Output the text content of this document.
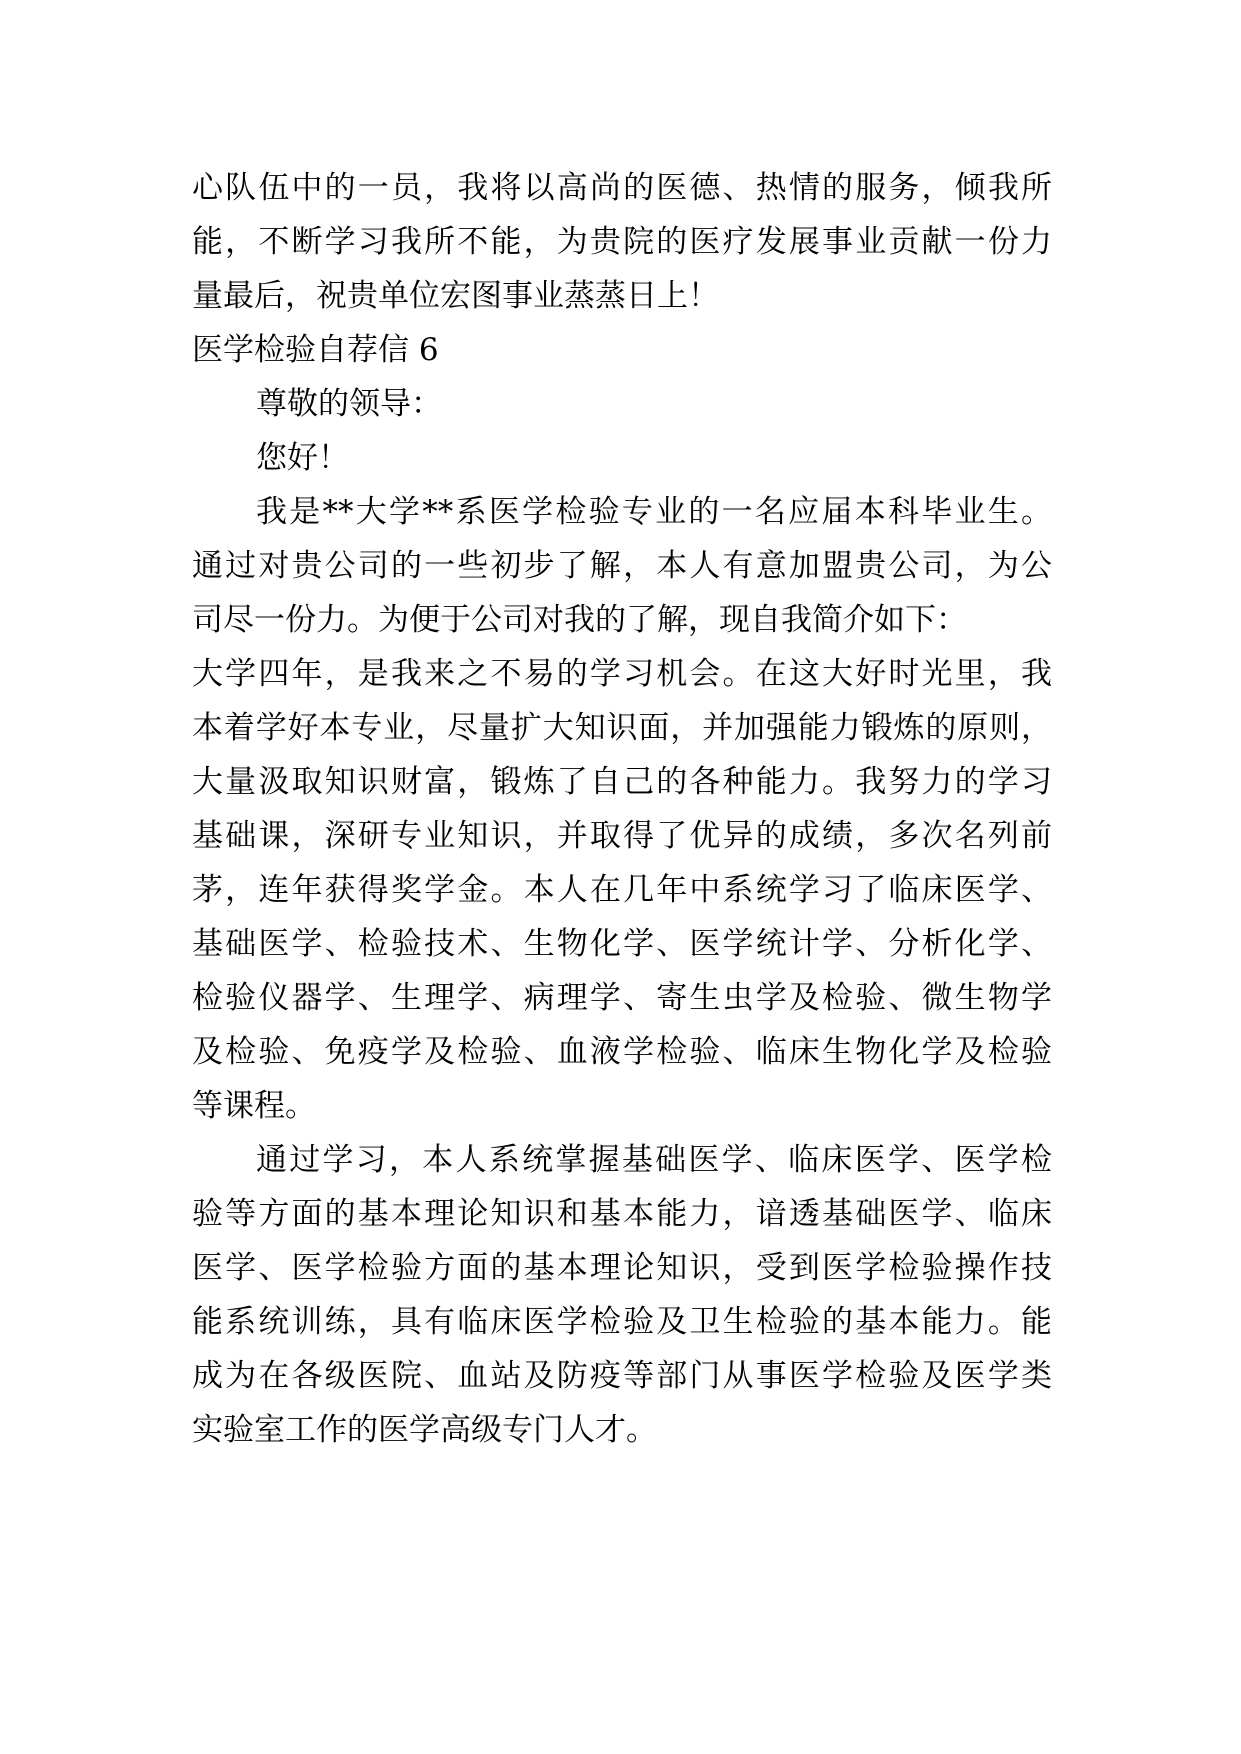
心队伍中的一员，我将以高尚的医德、热情的服务，倾我所

能，不断学习我所不能，为贵院的医疗发展事业贡献一份力

量最后，祝贵单位宏图事业蒸蒸日上！

医学检验自荐信 6

尊敬的领导：

您好！

我是**大学**系医学检验专业的一名应届本科毕业生。

通过对贵公司的一些初步了解，本人有意加盟贵公司，为公

司尽一份力。为便于公司对我的了解，现自我简介如下：

大学四年，是我来之不易的学习机会。在这大好时光里，我

本着学好本专业，尽量扩大知识面，并加强能力锻炼的原则，

大量汲取知识财富，锻炼了自己的各种能力。我努力的学习

基础课，深研专业知识，并取得了优异的成绩，多次名列前

茅，连年获得奖学金。本人在几年中系统学习了临床医学、

基础医学、检验技术、生物化学、医学统计学、分析化学、

检验仪器学、生理学、病理学、寄生虫学及检验、微生物学

及检验、免疫学及检验、血液学检验、临床生物化学及检验

等课程。

通过学习，本人系统掌握基础医学、临床医学、医学检

验等方面的基本理论知识和基本能力，谙透基础医学、临床

医学、医学检验方面的基本理论知识，受到医学检验操作技

能系统训练，具有临床医学检验及卫生检验的基本能力。能

成为在各级医院、血站及防疫等部门从事医学检验及医学类

实验室工作的医学高级专门人才。
